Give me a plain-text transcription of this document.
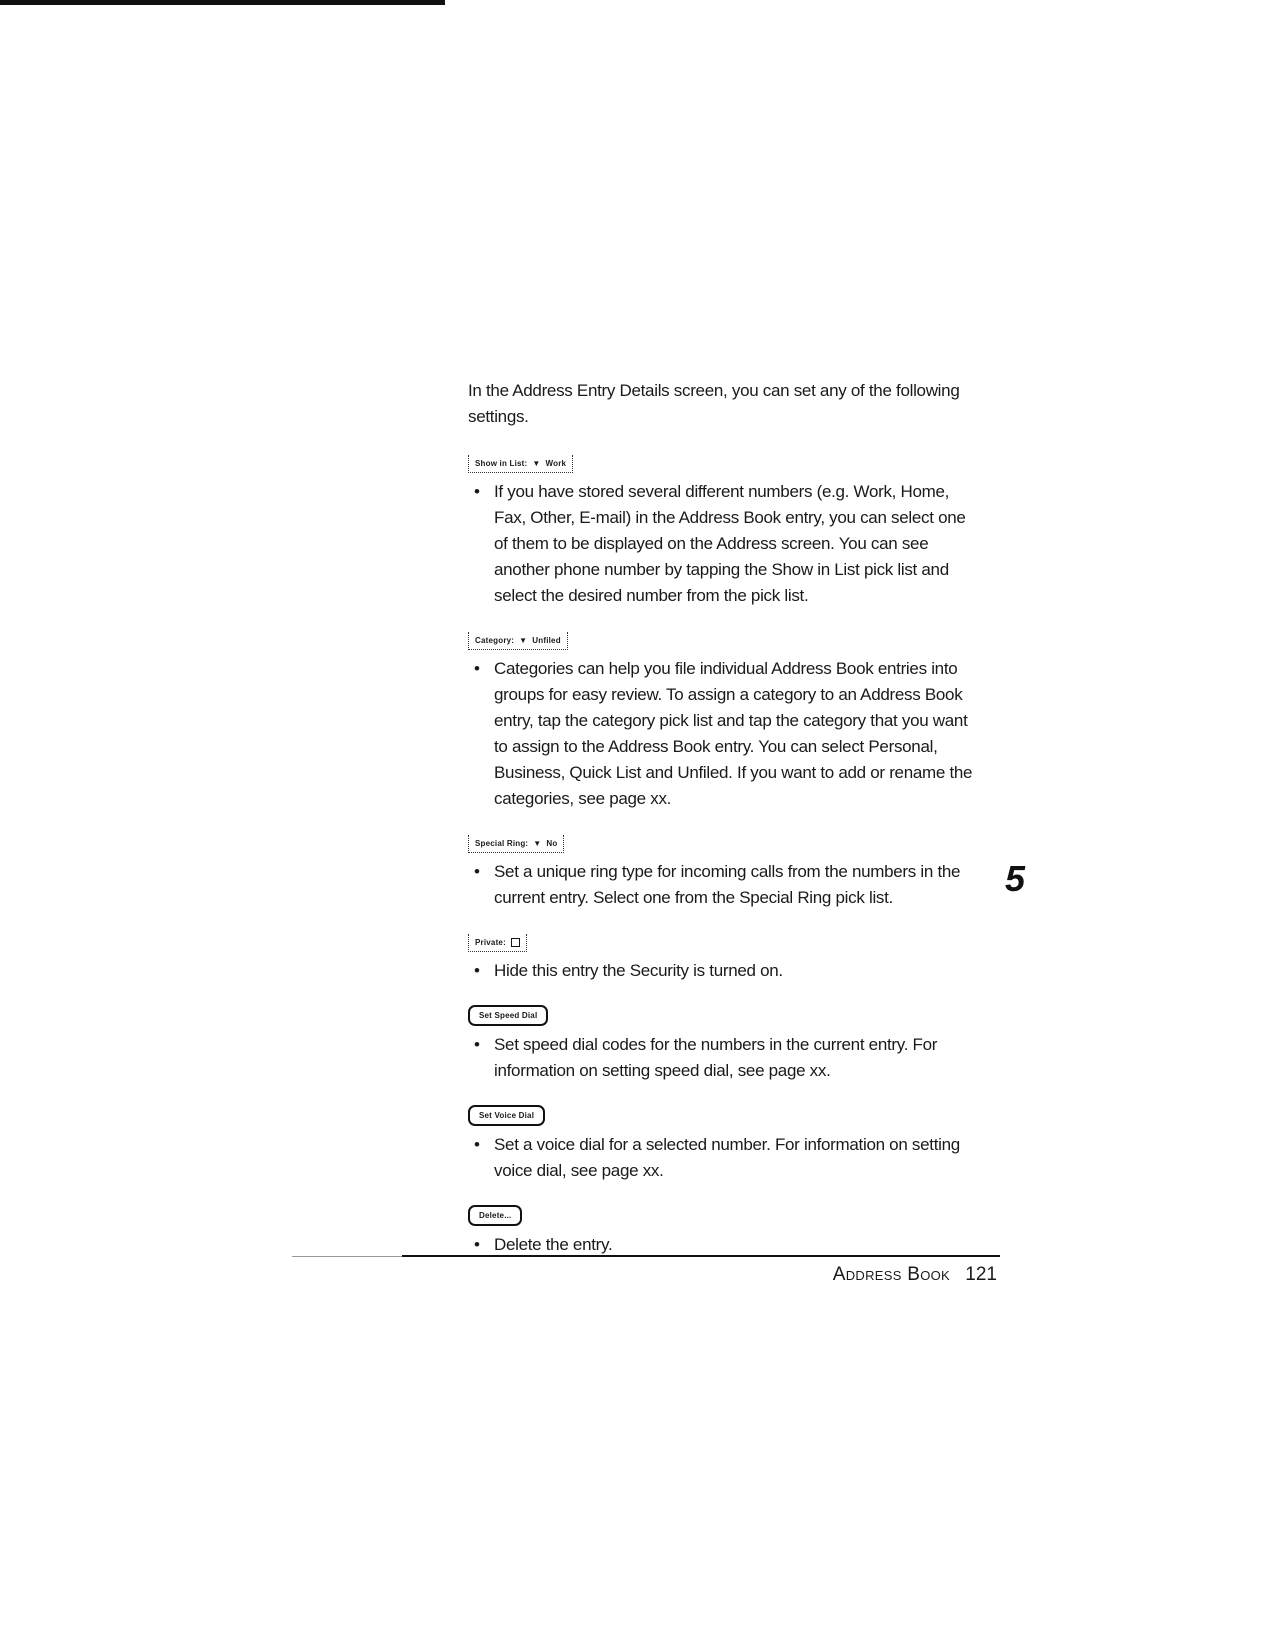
In the Address Entry Details screen, you can set any of the following settings.

Show in List: ▼ Work
• If you have stored several different numbers (e.g. Work, Home, Fax, Other, E-mail) in the Address Book entry, you can select one of them to be displayed on the Address screen. You can see another phone number by tapping the Show in List pick list and select the desired number from the pick list.
Category: ▼ Unfiled
• Categories can help you file individual Address Book entries into groups for easy review. To assign a category to an Address Book entry, tap the category pick list and tap the category that you want to assign to the Address Book entry. You can select Personal, Business, Quick List and Unfiled. If you want to add or rename the categories, see page xx.
Special Ring: ▼ No
• Set a unique ring type for incoming calls from the numbers in the current entry. Select one from the Special Ring pick list.
Private:
• Hide this entry the Security is turned on.
Set Speed Dial
• Set speed dial codes for the numbers in the current entry. For information on setting speed dial, see page xx.
Set Voice Dial
• Set a voice dial for a selected number. For information on setting voice dial, see page xx.
Delete...
• Delete the entry.
5
Address Book 121
